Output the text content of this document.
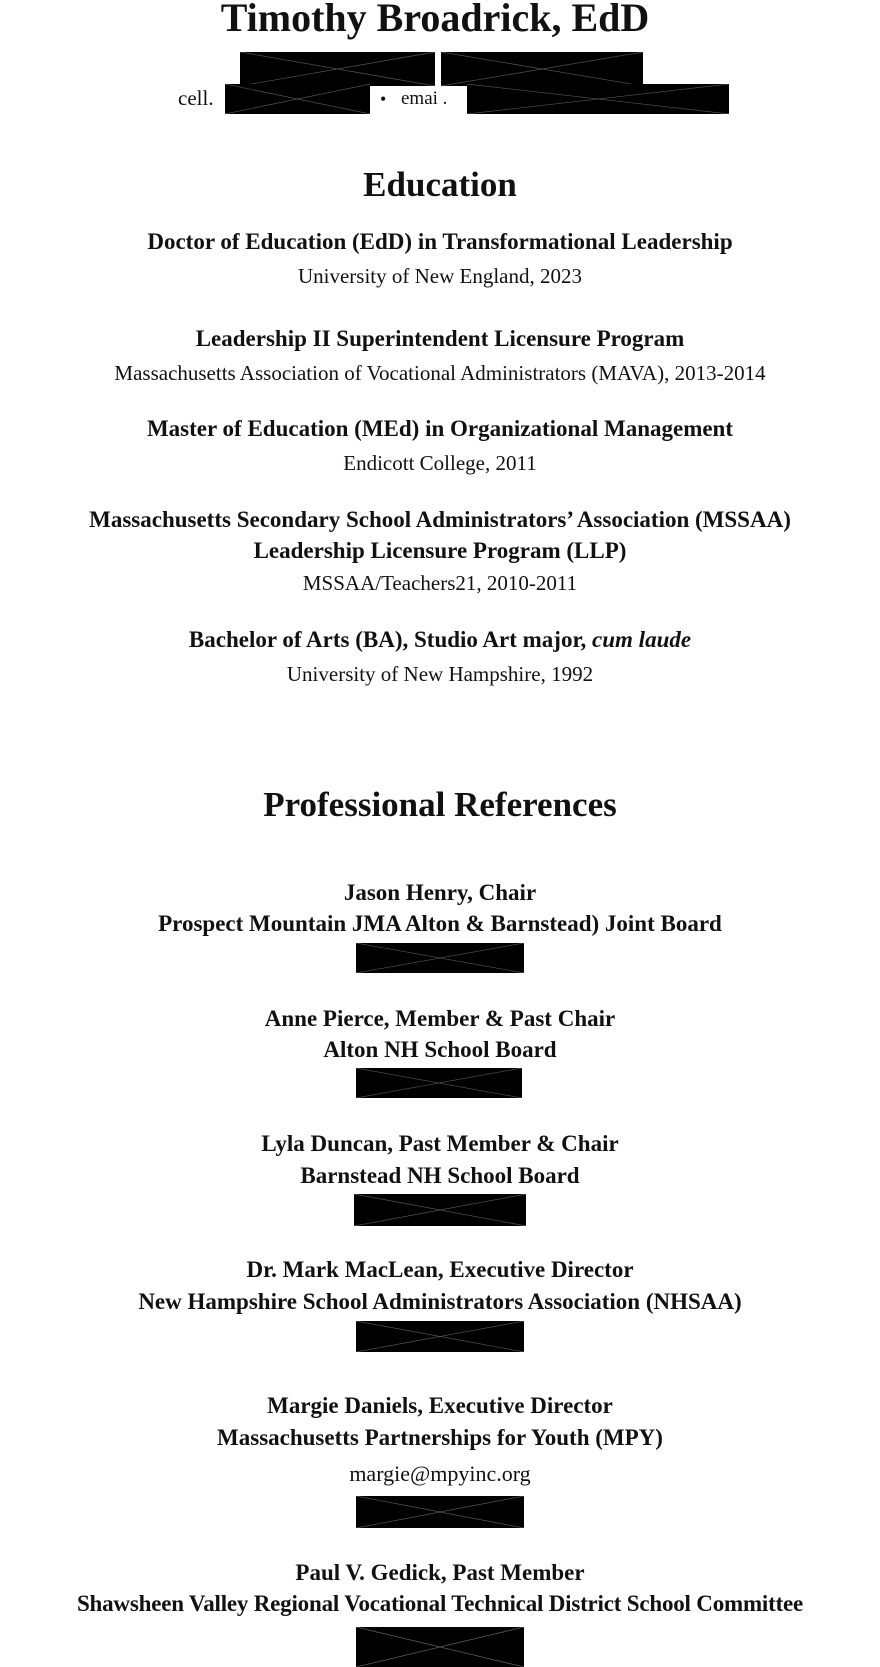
Timothy Broadrick, EdD
cell.	• emai .
Education
Doctor of Education (EdD) in Transformational Leadership
University of New England, 2023
Leadership II Superintendent Licensure Program
Massachusetts Association of Vocational Administrators (MAVA), 2013-2014
Master of Education (MEd) in Organizational Management
Endicott College, 2011
Massachusetts Secondary School Administrators’ Association (MSSAA)
Leadership Licensure Program (LLP)
MSSAA/Teachers21, 2010-2011
Bachelor of Arts (BA), Studio Art major, cum laude
University of New Hampshire, 1992
Professional References
Jason Henry, Chair
Prospect Mountain JMA Alton & Barnstead) Joint Board
Anne Pierce, Member & Past Chair
Alton NH School Board
Lyla Duncan, Past Member & Chair
Barnstead NH School Board
Dr. Mark MacLean, Executive Director
New Hampshire School Administrators Association (NHSAA)
Margie Daniels, Executive Director
Massachusetts Partnerships for Youth (MPY)
margie@mpyinc.org
Paul V. Gedick, Past Member
Shawsheen Valley Regional Vocational Technical District School Committee
